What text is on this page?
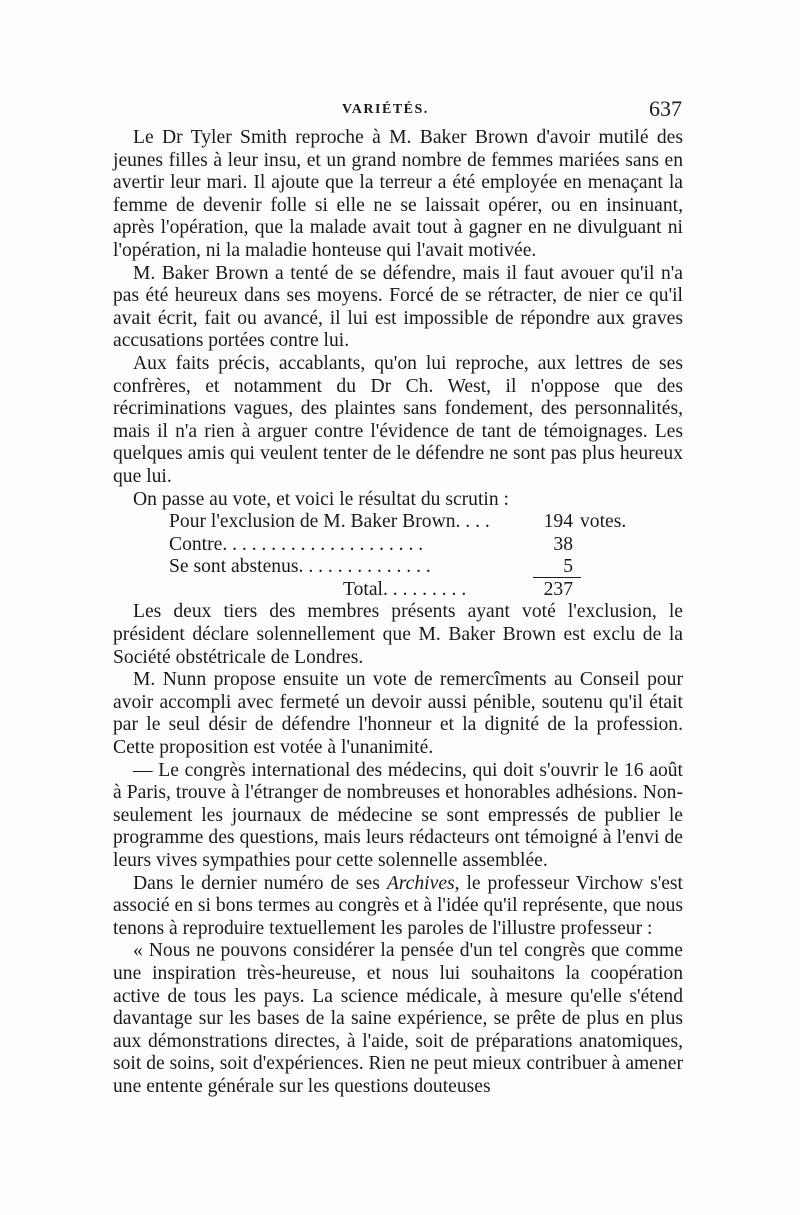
VARIÉTÉS.	637

Le Dr Tyler Smith reproche à M. Baker Brown d'avoir mutilé des jeunes filles à leur insu, et un grand nombre de femmes mariées sans en avertir leur mari. Il ajoute que la terreur a été employée en menaçant la femme de devenir folle si elle ne se laissait opérer, ou en insinuant, après l'opération, que la malade avait tout à gagner en ne divulguant ni l'opération, ni la maladie honteuse qui l'avait motivée.

M. Baker Brown a tenté de se défendre, mais il faut avouer qu'il n'a pas été heureux dans ses moyens. Forcé de se rétracter, de nier ce qu'il avait écrit, fait ou avancé, il lui est impossible de répondre aux graves accusations portées contre lui.

Aux faits précis, accablants, qu'on lui reproche, aux lettres de ses confrères, et notamment du Dr Ch. West, il n'oppose que des récriminations vagues, des plaintes sans fondement, des personnalités, mais il n'a rien à arguer contre l'évidence de tant de témoignages. Les quelques amis qui veulent tenter de le défendre ne sont pas plus heureux que lui.

On passe au vote, et voici le résultat du scrutin :

Pour l'exclusion de M. Baker Brown. . . .	194 votes.
Contre. . . . . . . . . . . . . . . . . . . . .	38
Se sont abstenus. . . . . . . . . . . . . .	5
Total. . . . . . . . .	237

Les deux tiers des membres présents ayant voté l'exclusion, le président déclare solennellement que M. Baker Brown est exclu de la Société obstétricale de Londres.

M. Nunn propose ensuite un vote de remercîments au Conseil pour avoir accompli avec fermeté un devoir aussi pénible, soutenu qu'il était par le seul désir de défendre l'honneur et la dignité de la profession. Cette proposition est votée à l'unanimité.

— Le congrès international des médecins, qui doit s'ouvrir le 16 août à Paris, trouve à l'étranger de nombreuses et honorables adhésions. Non-seulement les journaux de médecine se sont empressés de publier le programme des questions, mais leurs rédacteurs ont témoigné à l'envi de leurs vives sympathies pour cette solennelle assemblée.

Dans le dernier numéro de ses Archives, le professeur Virchow s'est associé en si bons termes au congrès et à l'idée qu'il représente, que nous tenons à reproduire textuellement les paroles de l'illustre professeur :

« Nous ne pouvons considérer la pensée d'un tel congrès que comme une inspiration très-heureuse, et nous lui souhaitons la coopération active de tous les pays. La science médicale, à mesure qu'elle s'étend davantage sur les bases de la saine expérience, se prête de plus en plus aux démonstrations directes, à l'aide, soit de préparations anatomiques, soit de soins, soit d'expériences. Rien ne peut mieux contribuer à amener une entente générale sur les questions douteuses
